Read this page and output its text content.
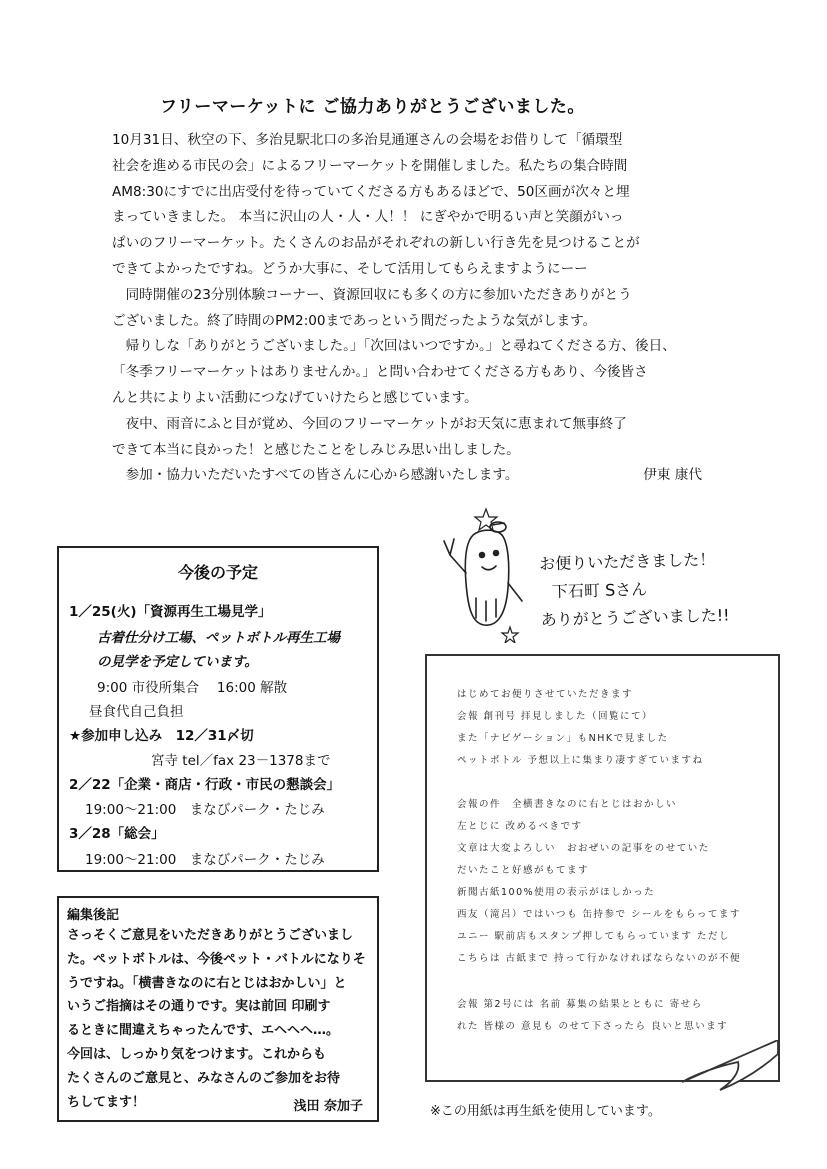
フリーマーケットに ご協力ありがとうございました。
10月31日、秋空の下、多治見駅北口の多治見通運さんの会場をお借りして「循環型
社会を進める市民の会」によるフリーマーケットを開催しました。私たちの集合時間
AM8:30にすでに出店受付を待っていてくださる方もあるほどで、50区画が次々と埋
まっていきました。 本当に沢山の人・人・人！！ にぎやかで明るい声と笑顔がいっ
ぱいのフリーマーケット。たくさんのお品がそれぞれの新しい行き先を見つけることが
できてよかったですね。どうか大事に、そして活用してもらえますようにーー
　同時開催の23分別体験コーナー、資源回収にも多くの方に参加いただきありがとう
ございました。終了時間のPM2:00まであっという間だったような気がします。
　帰りしな「ありがとうございました。」「次回はいつですか。」と尋ねてくださる方、後日、
「冬季フリーマーケットはありませんか。」と問い合わせてくださる方もあり、今後皆さ
んと共によりよい活動につなげていけたらと感じています。
　夜中、雨音にふと目が覚め、今回のフリーマーケットがお天気に恵まれて無事終了
できて本当に良かった！と感じたことをしみじみ思い出しました。
　参加・協力いただいたすべての皆さんに心から感謝いたします。	伊東 康代
今後の予定
1／25(火)「資源再生工場見学」
古着仕分け工場、ペットボトル再生工場
の見学を予定しています。
9:00 市役所集合　 16:00 解散
昼食代自己負担
★参加申し込み　12／31〆切
宮寺 tel／fax 23－1378まで
2／22「企業・商店・行政・市民の懇談会」
19:00～21:00　まなびパーク・たじみ
3／28「総会」
19:00～21:00　まなびパーク・たじみ
編集後記
さっそくご意見をいただきありがとうございまし
た。ペットボトルは、今後ペット・バトルになりそ
うですね。「横書きなのに右とじはおかしい」と
いうご指摘はその通りです。実は前回 印刷す
るときに間違えちゃったんです、エヘヘヘ…。
今回は、しっかり気をつけます。これからも
たくさんのご意見と、みなさんのご参加をお待
ちしてます！	浅田 奈加子
お便りいただきました！
下石町 Sさん
ありがとうございました!!
はじめてお便りさせていただきます
会報 創刊号 拝見しました（回覧にて）
また「ナビゲーション」もNHKで見ました
ペットボトル 予想以上に集まり凄すぎていますね
会報の件　全横書きなのに右とじはおかしい
左とじに 改めるべきです
文章は大変よろしい　おおぜいの記事をのせていた
だいたこと好感がもてます
新聞古紙100%使用の表示がほしかった
西友（滝呂）ではいつも 缶持参で シールをもらってます
ユニー 駅前店もスタンプ押してもらっています ただし
こちらは 古紙まで 持って行かなければならないのが不便
会報 第2号には 名前 募集の結果とともに 寄せら
れた 皆様の 意見も のせて下さったら 良いと思います
※この用紙は再生紙を使用しています。
